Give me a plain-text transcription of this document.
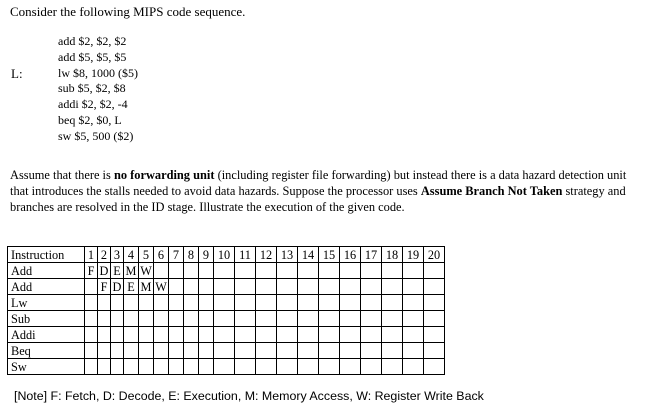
Consider the following MIPS code sequence.
L:
add $2, $2, $2
add $5, $5, $5
lw $8, 1000 ($5)
sub $5, $2, $8
addi $2, $2, -4
beq $2, $0, L
sw $5, 500 ($2)
Assume that there is no forwarding unit (including register file forwarding) but instead there is a data hazard detection unit that introduces the stalls needed to avoid data hazards. Suppose the processor uses Assume Branch Not Taken strategy and branches are resolved in the ID stage. Illustrate the execution of the given code.
Instruction	1	2	3	4	5	6	7	8	9	10	11	12	13	14	15	16	17	18	19	20
Add	F	D	E	M	W															
Add		F	D	E	M	W														
Lw																				
Sub																				
Addi																				
Beq																				
Sw																				
[Note] F: Fetch, D: Decode, E: Execution, M: Memory Access, W: Register Write Back
